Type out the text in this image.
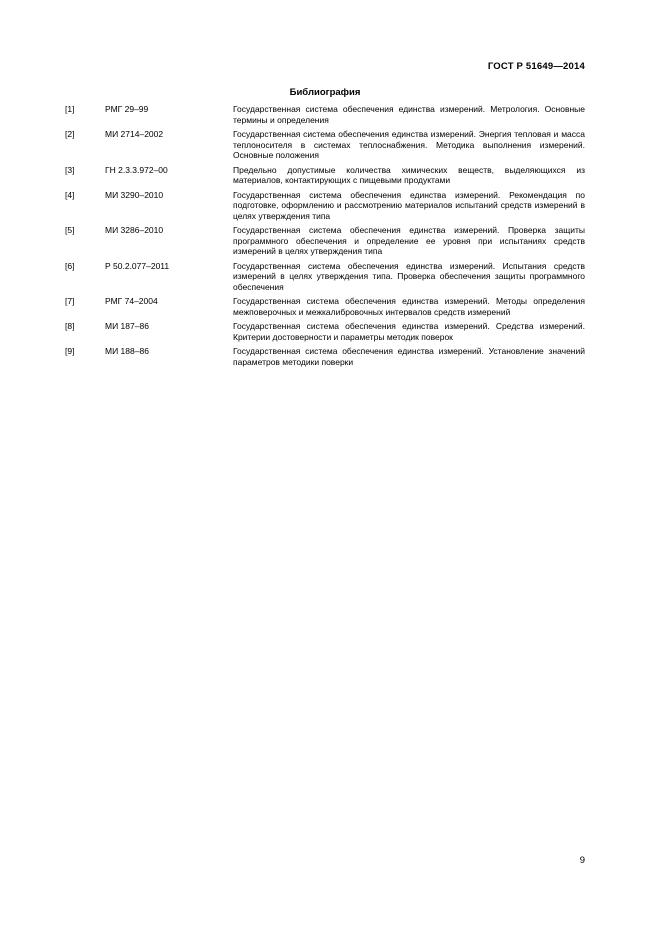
ГОСТ Р 51649—2014
Библиография
[1]	РМГ 29–99	Государственная система обеспечения единства измерений. Метрология. Основные термины и определения
[2]	МИ 2714–2002	Государственная система обеспечения единства измерений. Энергия тепловая и масса теплоносителя в системах теплоснабжения. Методика выполнения измерений. Основные положения
[3]	ГН 2.3.3.972–00	Предельно допустимые количества химических веществ, выделяющихся из материалов, контактирующих с пищевыми продуктами
[4]	МИ 3290–2010	Государственная система обеспечения единства измерений. Рекомендация по подготовке, оформлению и рассмотрению материалов испытаний средств измерений в целях утверждения типа
[5]	МИ 3286–2010	Государственная система обеспечения единства измерений. Проверка защиты программного обеспечения и определение ее уровня при испытаниях средств измерений в целях утверждения типа
[6]	Р 50.2.077–2011	Государственная система обеспечения единства измерений. Испытания средств измерений в целях утверждения типа. Проверка обеспечения защиты программного обеспечения
[7]	РМГ 74–2004	Государственная система обеспечения единства измерений. Методы определения межповерочных и межкалибровочных интервалов средств измерений
[8]	МИ 187–86	Государственная система обеспечения единства измерений. Средства измерений. Критерии достоверности и параметры методик поверок
[9]	МИ 188–86	Государственная система обеспечения единства измерений. Установление значений параметров методики поверки
9
